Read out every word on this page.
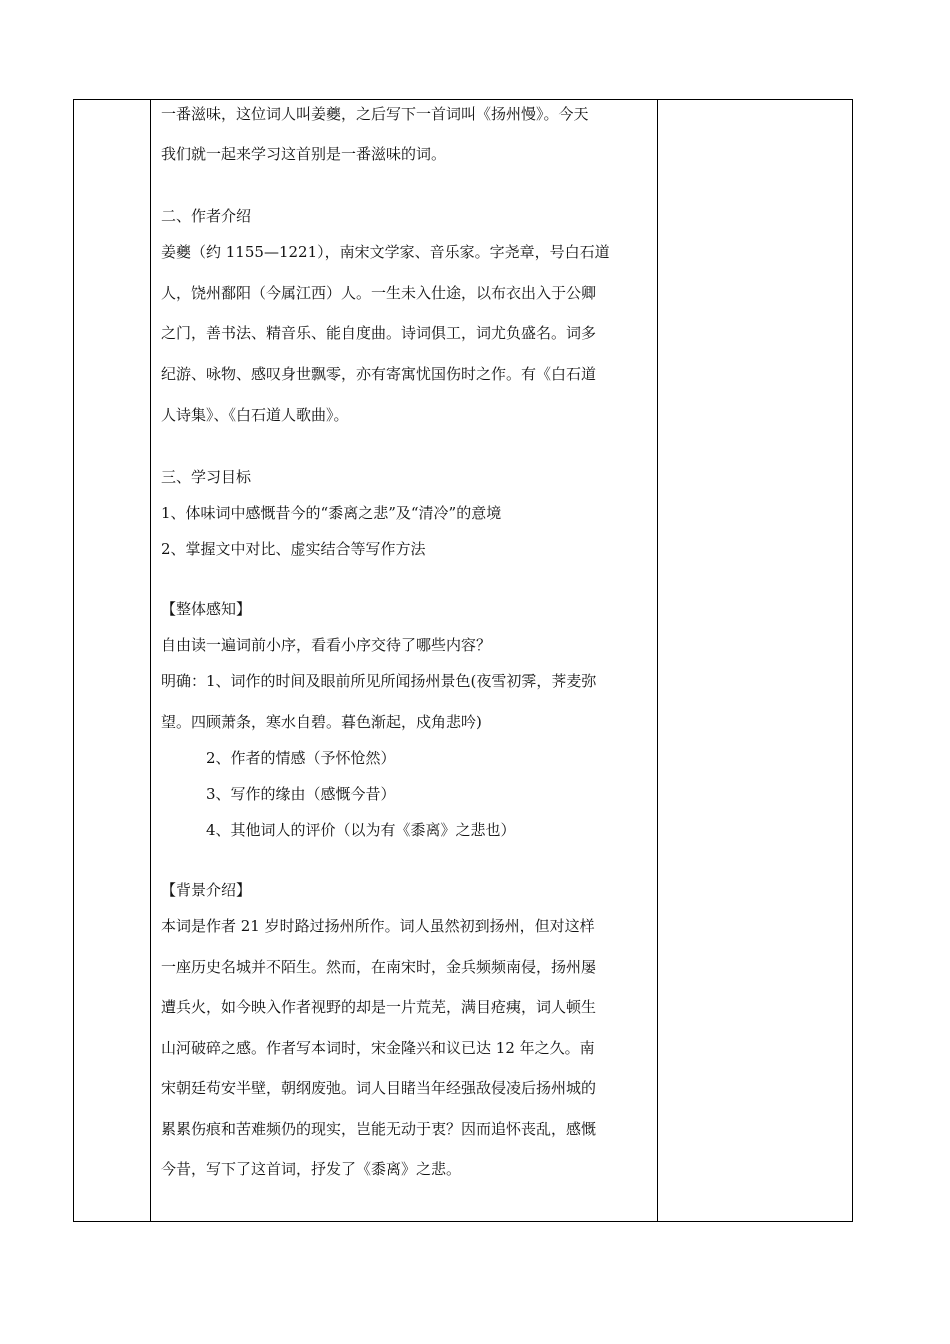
一番滋味，这位词人叫姜夔，之后写下一首词叫《扬州慢》。今天
我们就一起来学习这首别是一番滋味的词。
二、作者介绍
姜夔（约 1155—1221），南宋文学家、音乐家。字尧章，号白石道
人，饶州鄱阳（今属江西）人。一生未入仕途，以布衣出入于公卿
之门，善书法、精音乐、能自度曲。诗词俱工，词尤负盛名。词多
纪游、咏物、感叹身世飘零，亦有寄寓忧国伤时之作。有《白石道
人诗集》、《白石道人歌曲》。
三、学习目标
1、体味词中感慨昔今的“黍离之悲”及“清冷”的意境
2、掌握文中对比、虚实结合等写作方法
【整体感知】
自由读一遍词前小序，看看小序交待了哪些内容？
明确：1、词作的时间及眼前所见所闻扬州景色(夜雪初霁，荠麦弥
望。四顾萧条，寒水自碧。暮色渐起，戍角悲吟)
2、作者的情感（予怀怆然）
3、写作的缘由（感慨今昔）
4、其他词人的评价（以为有《黍离》之悲也）
【背景介绍】
本词是作者 21 岁时路过扬州所作。词人虽然初到扬州，但对这样
一座历史名城并不陌生。然而，在南宋时，金兵频频南侵，扬州屡
遭兵火，如今映入作者视野的却是一片荒芜，满目疮痍，词人顿生
山河破碎之感。作者写本词时，宋金隆兴和议已达 12 年之久。南
宋朝廷苟安半壁，朝纲废弛。词人目睹当年经强敌侵凌后扬州城的
累累伤痕和苦难频仍的现实，岂能无动于衷？因而追怀丧乱，感慨
今昔，写下了这首词，抒发了《黍离》之悲。
